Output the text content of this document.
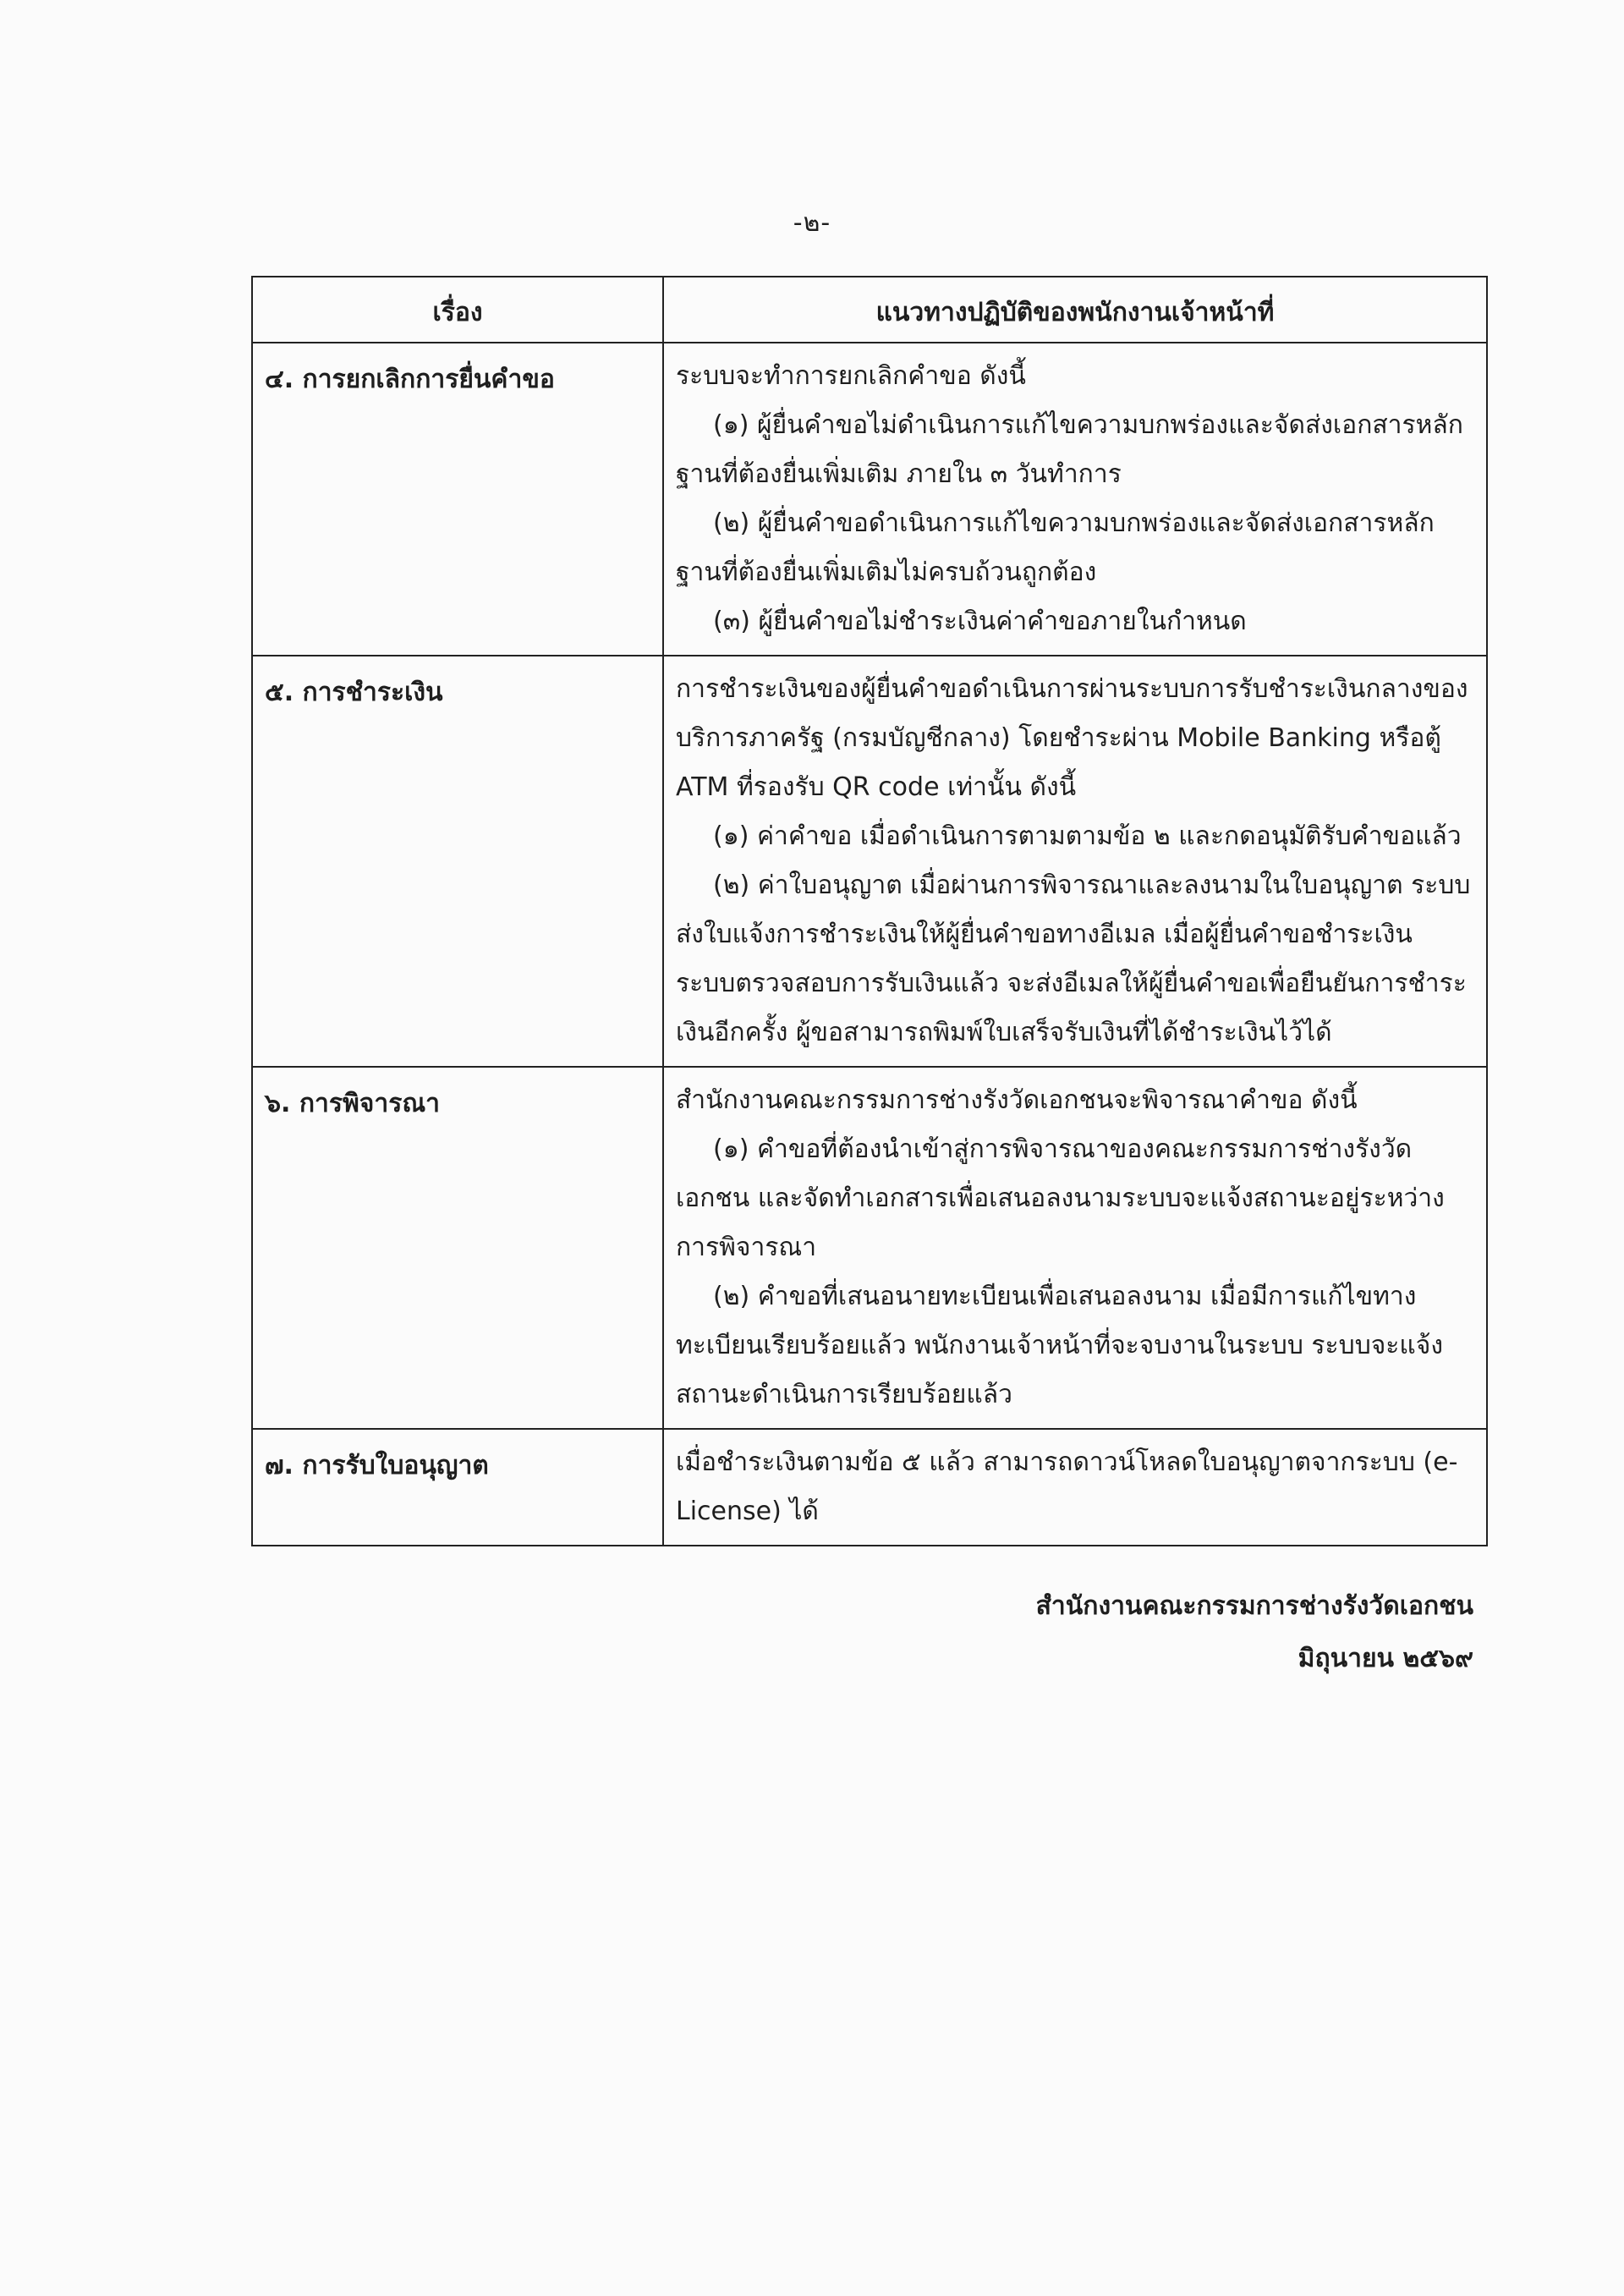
-๒-
เรื่อง	แนวทางปฏิบัติของพนักงานเจ้าหน้าที่
๔. การยกเลิกการยื่นคำขอ	ระบบจะทำการยกเลิกคำขอ ดังนี้

(๑) ผู้ยื่นคำขอไม่ดำเนินการแก้ไขความบกพร่องและจัดส่งเอกสารหลักฐานที่ต้องยื่นเพิ่มเติม ภายใน ๓ วันทำการ

(๒) ผู้ยื่นคำขอดำเนินการแก้ไขความบกพร่องและจัดส่งเอกสารหลักฐานที่ต้องยื่นเพิ่มเติมไม่ครบถ้วนถูกต้อง

(๓) ผู้ยื่นคำขอไม่ชำระเงินค่าคำขอภายในกำหนด

๕. การชำระเงิน	การชำระเงินของผู้ยื่นคำขอดำเนินการผ่านระบบการรับชำระเงินกลางของบริการภาครัฐ (กรมบัญชีกลาง) โดยชำระผ่าน Mobile Banking หรือตู้ ATM ที่รองรับ QR code เท่านั้น ดังนี้

(๑) ค่าคำขอ เมื่อดำเนินการตามตามข้อ ๒ และกดอนุมัติรับคำขอแล้ว

(๒) ค่าใบอนุญาต เมื่อผ่านการพิจารณาและลงนามในใบอนุญาต ระบบส่งใบแจ้งการชำระเงินให้ผู้ยื่นคำขอทางอีเมล เมื่อผู้ยื่นคำขอชำระเงิน ระบบตรวจสอบการรับเงินแล้ว จะส่งอีเมลให้ผู้ยื่นคำขอเพื่อยืนยันการชำระเงินอีกครั้ง ผู้ขอสามารถพิมพ์ใบเสร็จรับเงินที่ได้ชำระเงินไว้ได้

๖. การพิจารณา	สำนักงานคณะกรรมการช่างรังวัดเอกชนจะพิจารณาคำขอ ดังนี้

(๑) คำขอที่ต้องนำเข้าสู่การพิจารณาของคณะกรรมการช่างรังวัดเอกชน และจัดทำเอกสารเพื่อเสนอลงนามระบบจะแจ้งสถานะอยู่ระหว่างการพิจารณา

(๒) คำขอที่เสนอนายทะเบียนเพื่อเสนอลงนาม เมื่อมีการแก้ไขทางทะเบียนเรียบร้อยแล้ว พนักงานเจ้าหน้าที่จะจบงานในระบบ ระบบจะแจ้งสถานะดำเนินการเรียบร้อยแล้ว

๗. การรับใบอนุญาต	เมื่อชำระเงินตามข้อ ๕ แล้ว สามารถดาวน์โหลดใบอนุญาตจากระบบ (e-License) ได้

สำนักงานคณะกรรมการช่างรังวัดเอกชน
มิถุนายน ๒๕๖๙
